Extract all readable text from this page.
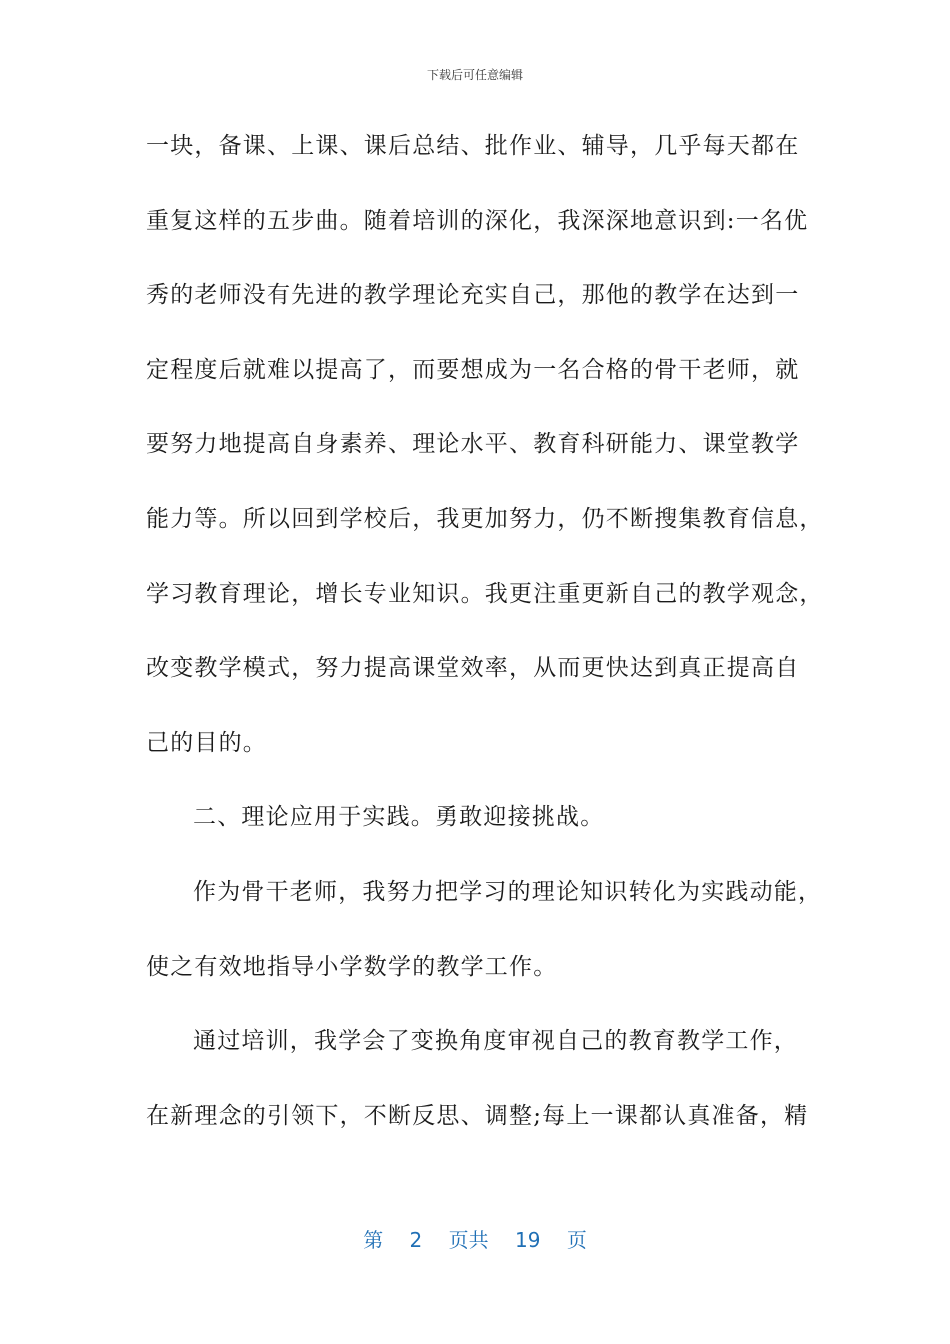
下载后可任意编辑
一块，备课、上课、课后总结、批作业、辅导，几乎每天都在
重复这样的五步曲。随着培训的深化，我深深地意识到:一名优
秀的老师没有先进的教学理论充实自己，那他的教学在达到一
定程度后就难以提高了，而要想成为一名合格的骨干老师，就
要努力地提高自身素养、理论水平、教育科研能力、课堂教学
能力等。所以回到学校后，我更加努力，仍不断搜集教育信息，
学习教育理论，增长专业知识。我更注重更新自己的教学观念，
改变教学模式，努力提高课堂效率，从而更快达到真正提高自
己的目的。
二、理论应用于实践。勇敢迎接挑战。
作为骨干老师，我努力把学习的理论知识转化为实践动能，
使之有效地指导小学数学的教学工作。
通过培训，我学会了变换角度审视自己的教育教学工作，
在新理念的引领下，不断反思、调整;每上一课都认真准备，精
第 2 页共 19 页
